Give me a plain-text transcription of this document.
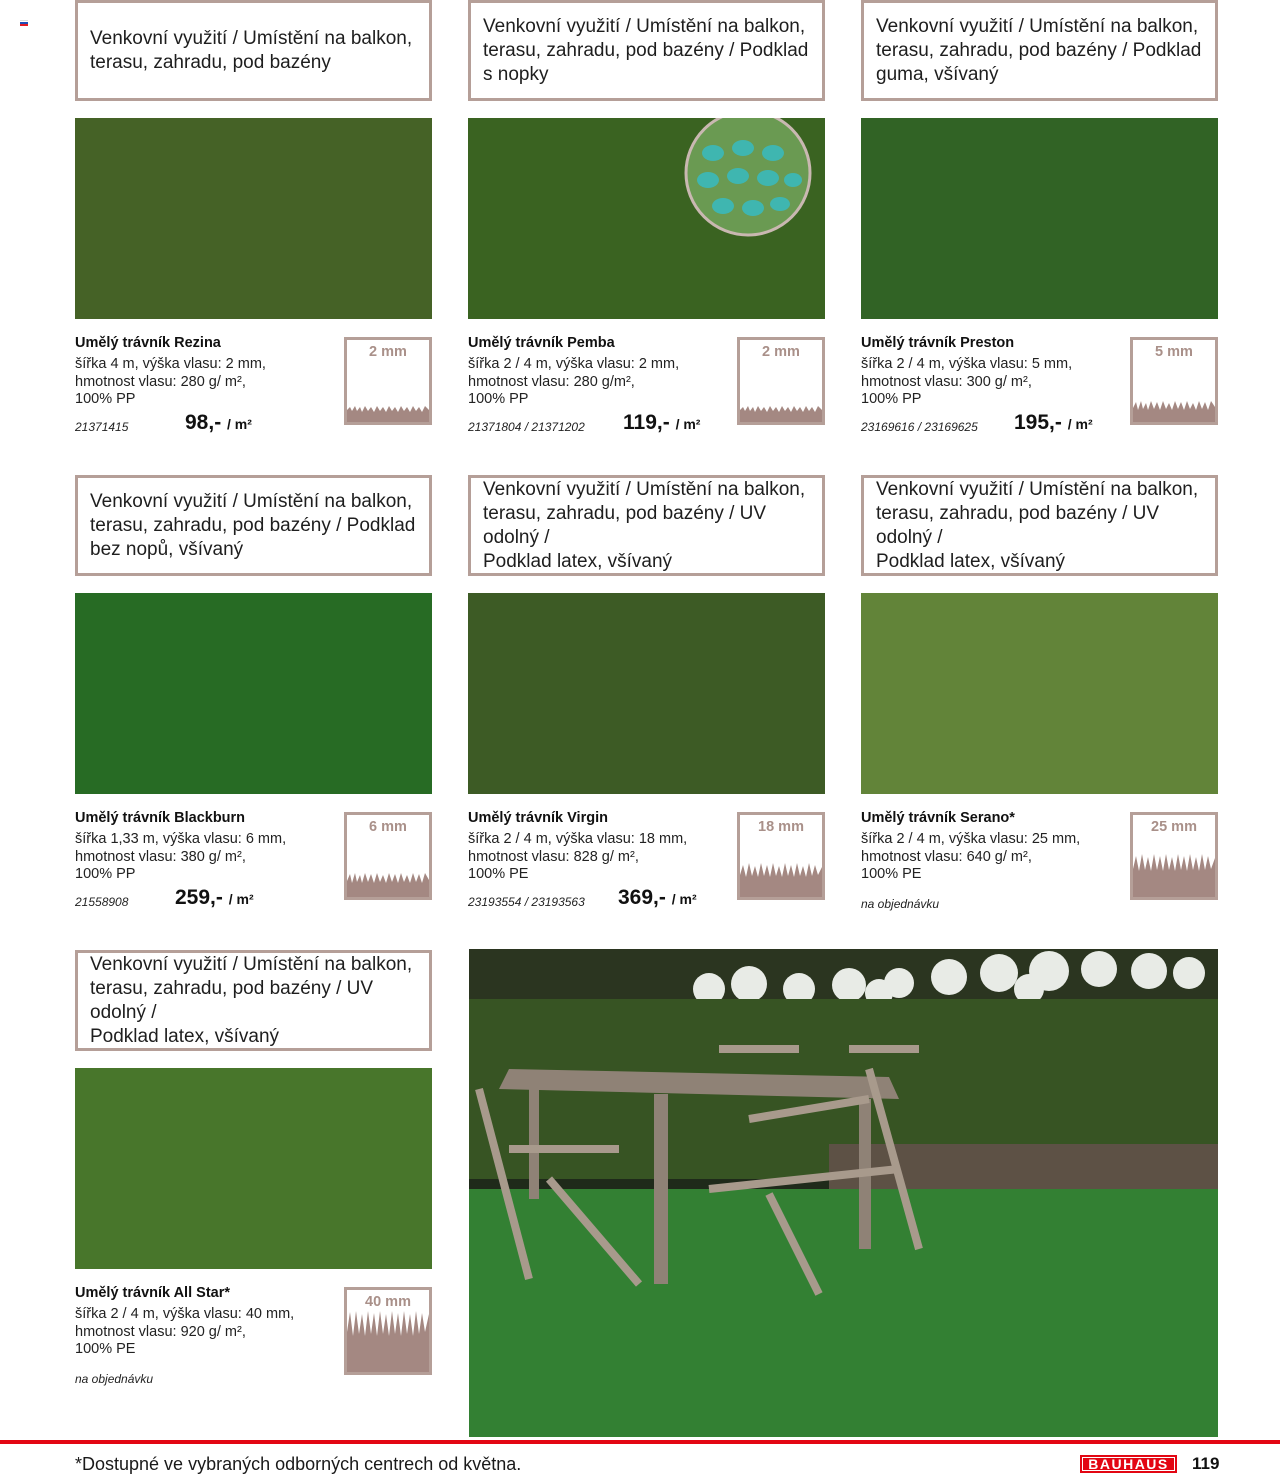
Venkovní využití / Umístění na balkon,
terasu, zahradu, pod bazény
Umělý trávník Rezina
šířka 4 m, výška vlasu: 2 mm,
hmotnost vlasu: 280 g/ m²,
100% PP
21371415	98,- / m²
2 mm
Venkovní využití / Umístění na balkon,
terasu, zahradu, pod bazény / Podklad
s nopky
Umělý trávník Pemba
šířka 2 / 4 m, výška vlasu: 2 mm,
hmotnost vlasu: 280 g/m²,
100% PP
21371804 / 21371202 119,- / m²
2 mm
Venkovní využití / Umístění na balkon,
terasu, zahradu, pod bazény / Podklad
guma, všívaný
Umělý trávník Preston
šířka 2 / 4 m, výška vlasu: 5 mm,
hmotnost vlasu: 300 g/ m²,
100% PP
23169616 / 23169625 195,- / m²
5 mm
Venkovní využití / Umístění na balkon,
terasu, zahradu, pod bazény / Podklad
bez nopů, všívaný
Umělý trávník Blackburn
šířka 1,33 m, výška vlasu: 6 mm,
hmotnost vlasu: 380 g/ m²,
100% PP
21558908 259,- / m²
6 mm
Venkovní využití / Umístění na balkon,
terasu, zahradu, pod bazény / UV odolný /
Podklad latex, všívaný
Umělý trávník Virgin
šířka 2 / 4 m, výška vlasu: 18 mm,
hmotnost vlasu: 828 g/ m²,
100% PE
23193554 / 23193563 369,- / m²
18 mm
Venkovní využití / Umístění na balkon,
terasu, zahradu, pod bazény / UV odolný /
Podklad latex, všívaný
Umělý trávník Serano*
šířka 2 / 4 m, výška vlasu: 25 mm,
hmotnost vlasu: 640 g/ m²,
100% PE
na objednávku
25 mm
Venkovní využití / Umístění na balkon,
terasu, zahradu, pod bazény / UV odolný /
Podklad latex, všívaný
Umělý trávník All Star*
šířka 2 / 4 m, výška vlasu: 40 mm,
hmotnost vlasu: 920 g/ m²,
100% PE
na objednávku
40 mm
*Dostupné ve vybraných odborných centrech od května.	BAUHAUS	119
